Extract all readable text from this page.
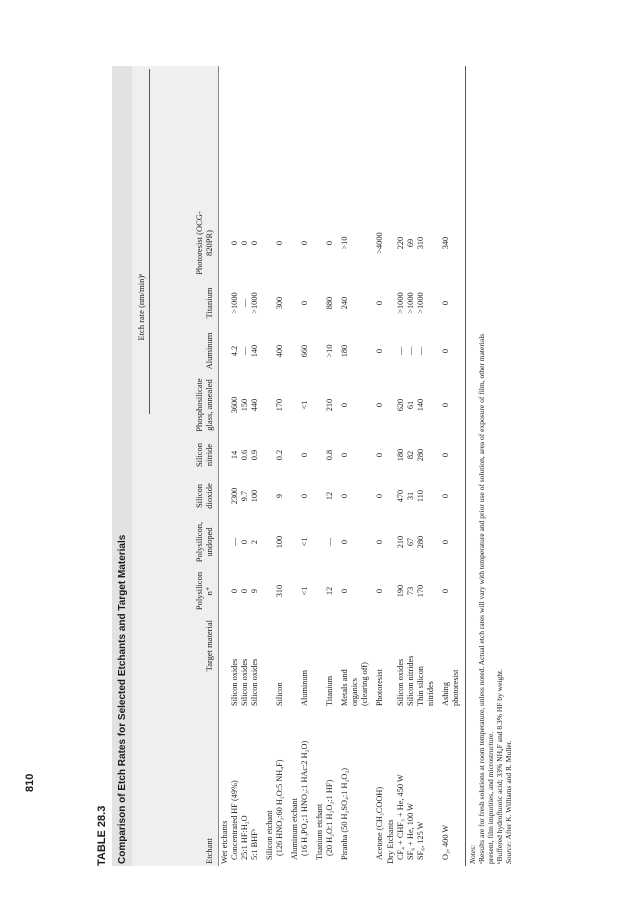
810
TABLE 28.3 Comparison of Etch Rates for Selected Etchants and Target Materials
Etch rate (nm/min)ᵃ
Etchant
Target material
Polysilicon n⁺
Polysilicon, undoped
Silicon dioxide
Silicon nitride
Phosphosilicate glass, annealed
Aluminum
Titanium
Photoresist (OCG-820PR)
Wet etchants Concentrated HF (49%)
Silicon oxides
0
—
2300
14
3600
4.2
>1000
0
25:1 HF:H₂O
Silicon oxides
0
0
9.7
0.6
150
—
—
0
5:1 BHFᵇ
Silicon oxides
9
2
100
0.9
440
140
>1000
0
Silicon etchant (126 HNO₃:60 H₂O:5 NH₄F)
Silicon
310
100
9
0.2
170
400
300
0
Aluminum etchant (16 H₃PO₄:1 HNO₃:1 HAc:2 H₂O)
Aluminum
<1
<1
0
0
<1
660
0
0
Titanium etchant (20 H₂O:1 H₂O₂:1 HF)
Titanium
12
—
12
0.8
210
>10
880
0
Piranha (50 H₂SO₄:1 H₂O₂)
Metals and
0
0
0
0
0
180
240
>10
organics (clearing off)
Acetone (CH₃COOH)
Photoresist
0
0
0
0
0
0
0
>4000
Dry Etchants CF₄ + CHF₃ + He, 450 W
Silicon oxides
190
210
470
180
620
—
>1000
220
SF₆ + He, 100 W
Silicon nitrides
73
67
31
82
61
—
>1000
69
SF₆, 125 W
Thin silicon
170
280
110
280
140
—
>1000
310
nitrides
O₂, 400 W
Ashing
0
0
0
0
0
0
0
340
photoresist
Notes: ᵃResults are for fresh solutions at room temperature, unless noted. Actual etch rates will vary with temperature and prior use of solution, area of exposure of film, other materials present, film impurities, and microstructure. ᵇBuffered hydrofluoric acid; 33% NH₄F and 8.3% HF by weight. Source: After K. Williams and R. Muller.
